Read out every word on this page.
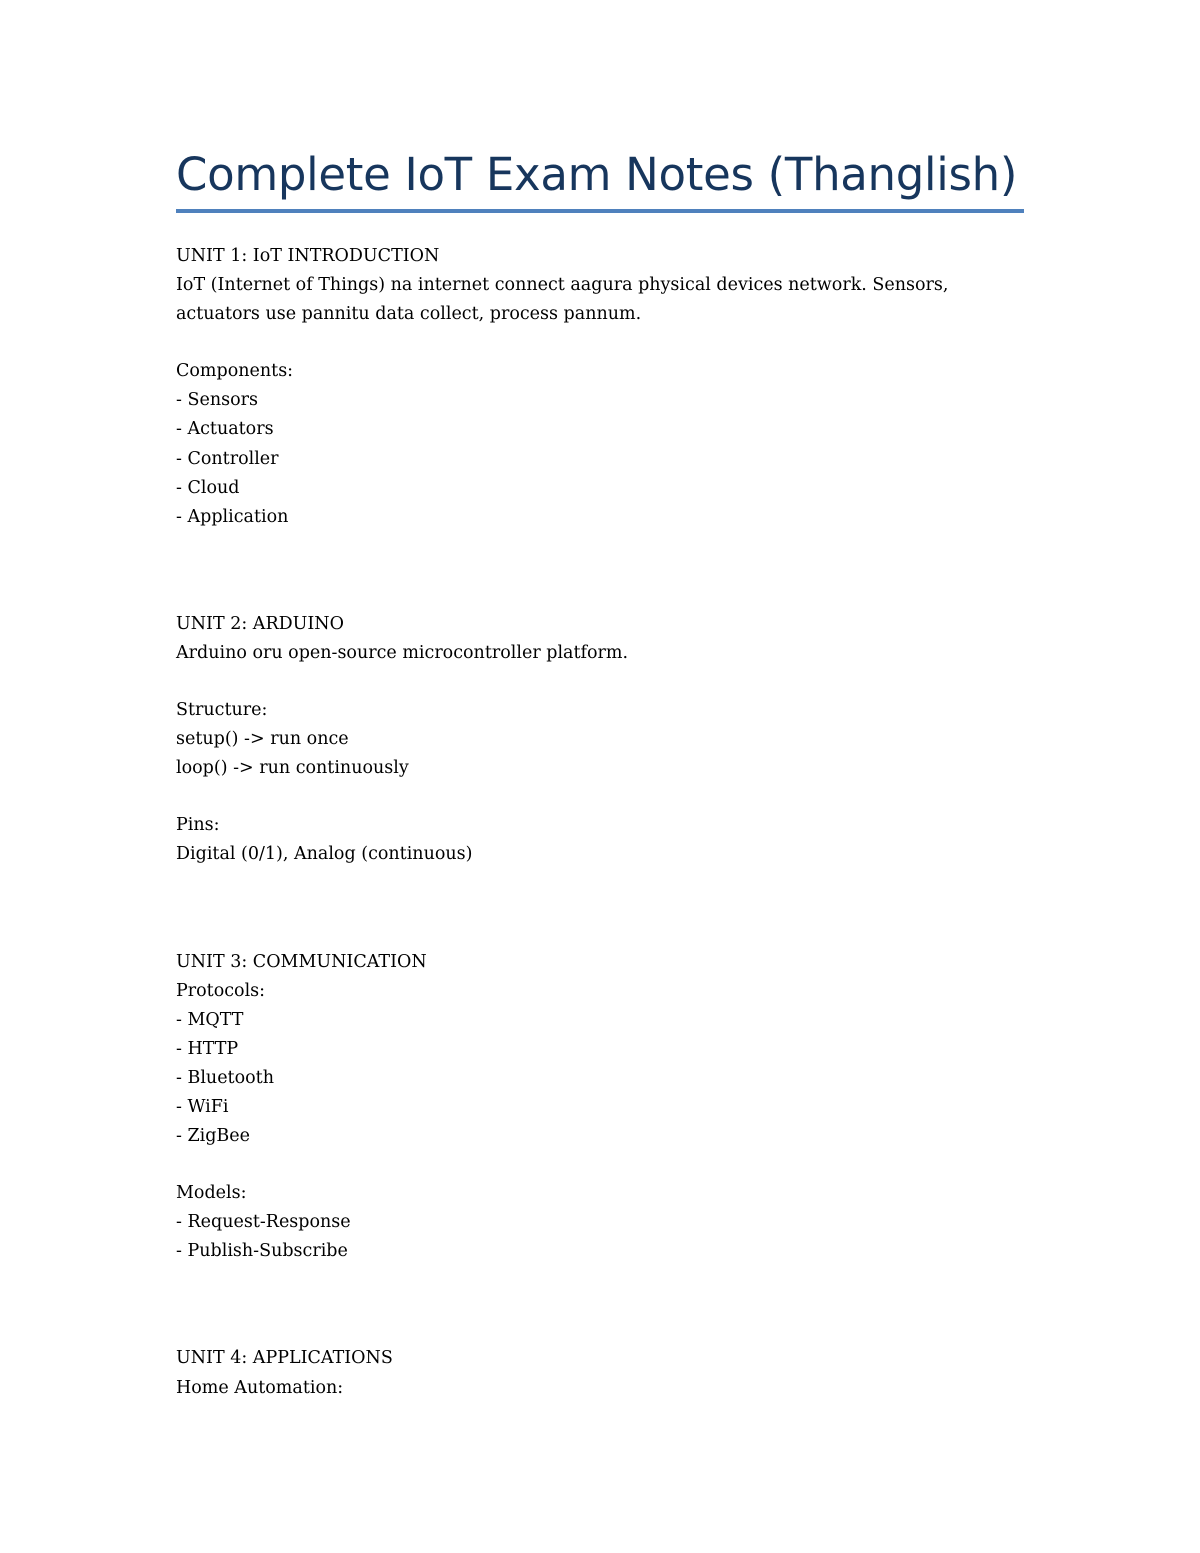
Complete IoT Exam Notes (Thanglish)
UNIT 1: IoT INTRODUCTION
IoT (Internet of Things) na internet connect aagura physical devices network. Sensors,
actuators use pannitu data collect, process pannum.
Components:
- Sensors
- Actuators
- Controller
- Cloud
- Application
UNIT 2: ARDUINO
Arduino oru open-source microcontroller platform.
Structure:
setup() -> run once
loop() -> run continuously
Pins:
Digital (0/1), Analog (continuous)
UNIT 3: COMMUNICATION
Protocols:
- MQTT
- HTTP
- Bluetooth
- WiFi
- ZigBee
Models:
- Request-Response
- Publish-Subscribe
UNIT 4: APPLICATIONS
Home Automation:
